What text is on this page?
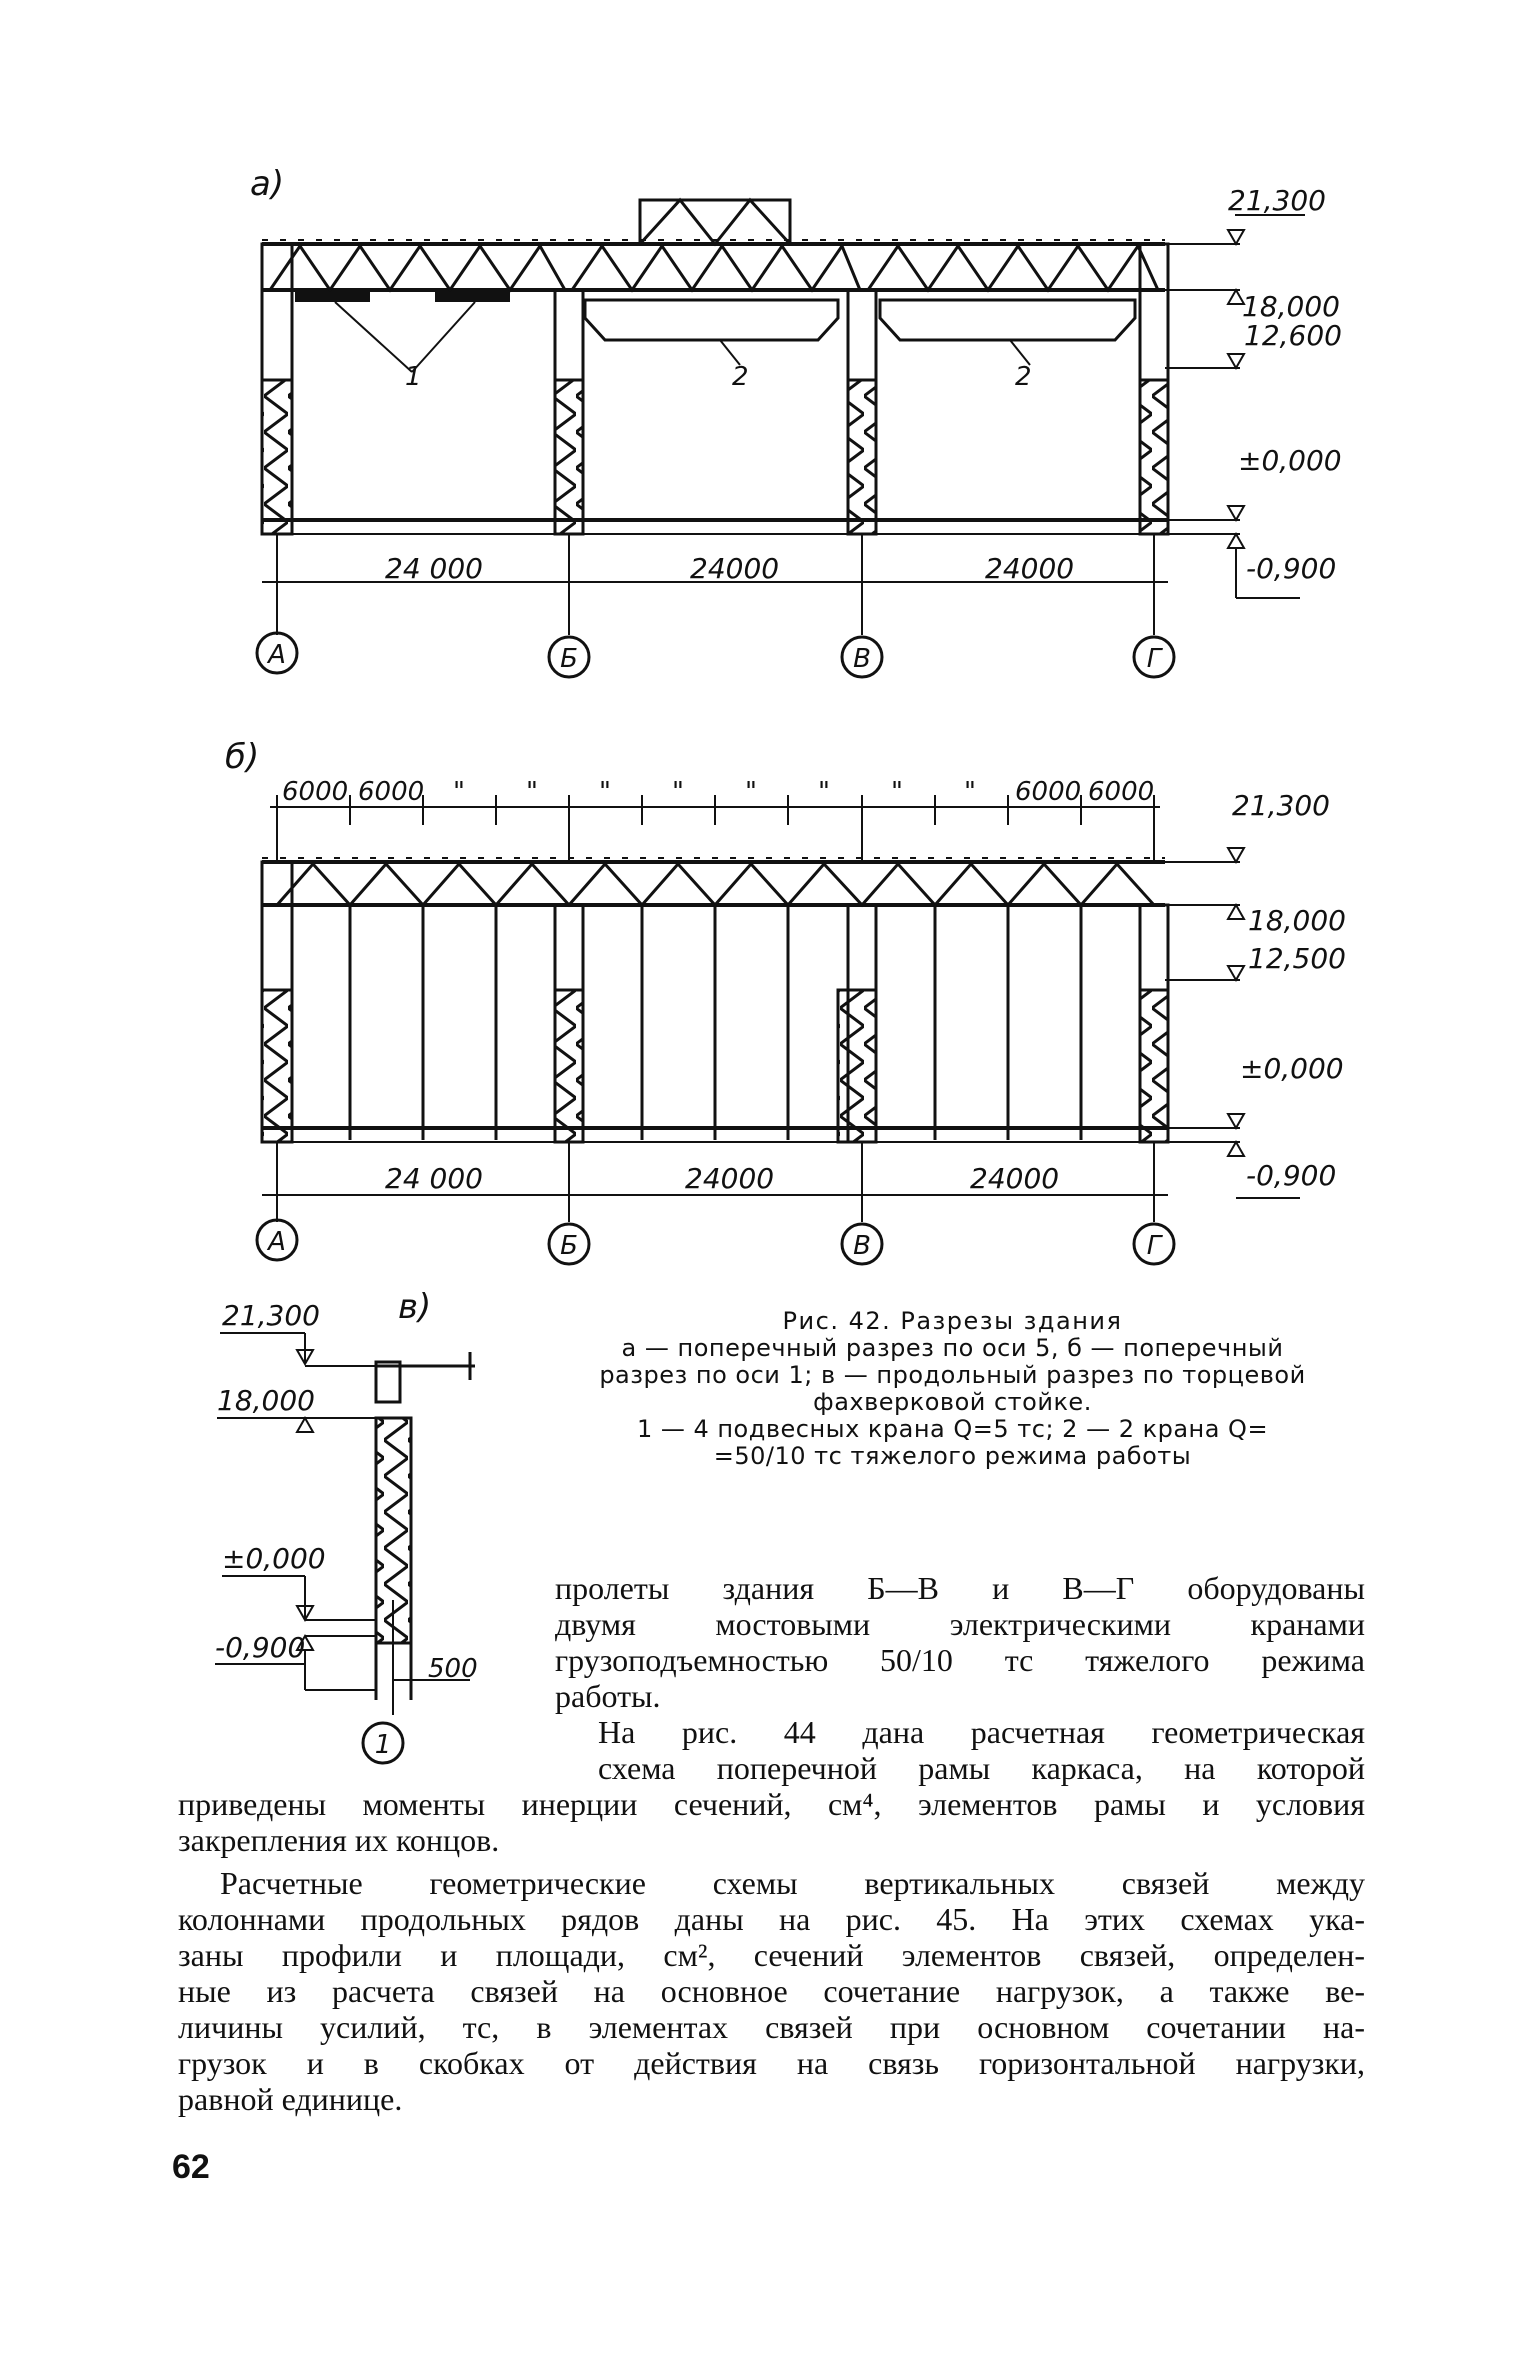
а)
1	2	2
24 000	24000	24000
А	Б	В	Г
21,300
18,000
12,600
±0,000
-0,900
б)
6000 6000 " " " " " " " " 6000 6000
24 000	24000	24000
А	Б	В	Г
21,300
18,000
12,500
±0,000
-0,900
в)
500
1
21,300
18,000
±0,000
-0,900
Рис. 42. Разрезы здания
а — поперечный разрез по оси 5, б — поперечный
разрез по оси 1; в — продольный разрез по торцевой
фахверковой стойке.
1 — 4 подвесных крана Q=5 тс; 2 — 2 крана Q=
=50/10 тс тяжелого режима работы
пролеты здания Б—В и В—Г оборудованы
двумя мостовыми электрическими кранами
грузоподъемностью 50/10 тс тяжелого режима
работы.
На рис. 44 дана расчетная геометрическая
схема поперечной рамы каркаса, на которой
приведены моменты инерции сечений, см⁴, элементов рамы и условия
закрепления их концов.
Расчетные геометрические схемы вертикальных связей между
колоннами продольных рядов даны на рис. 45. На этих схемах ука-
заны профили и площади, см², сечений элементов связей, определен-
ные из расчета связей на основное сочетание нагрузок, а также ве-
личины усилий, тс, в элементах связей при основном сочетании на-
грузок и в скобках от действия на связь горизонтальной нагрузки,
равной единице.
62
